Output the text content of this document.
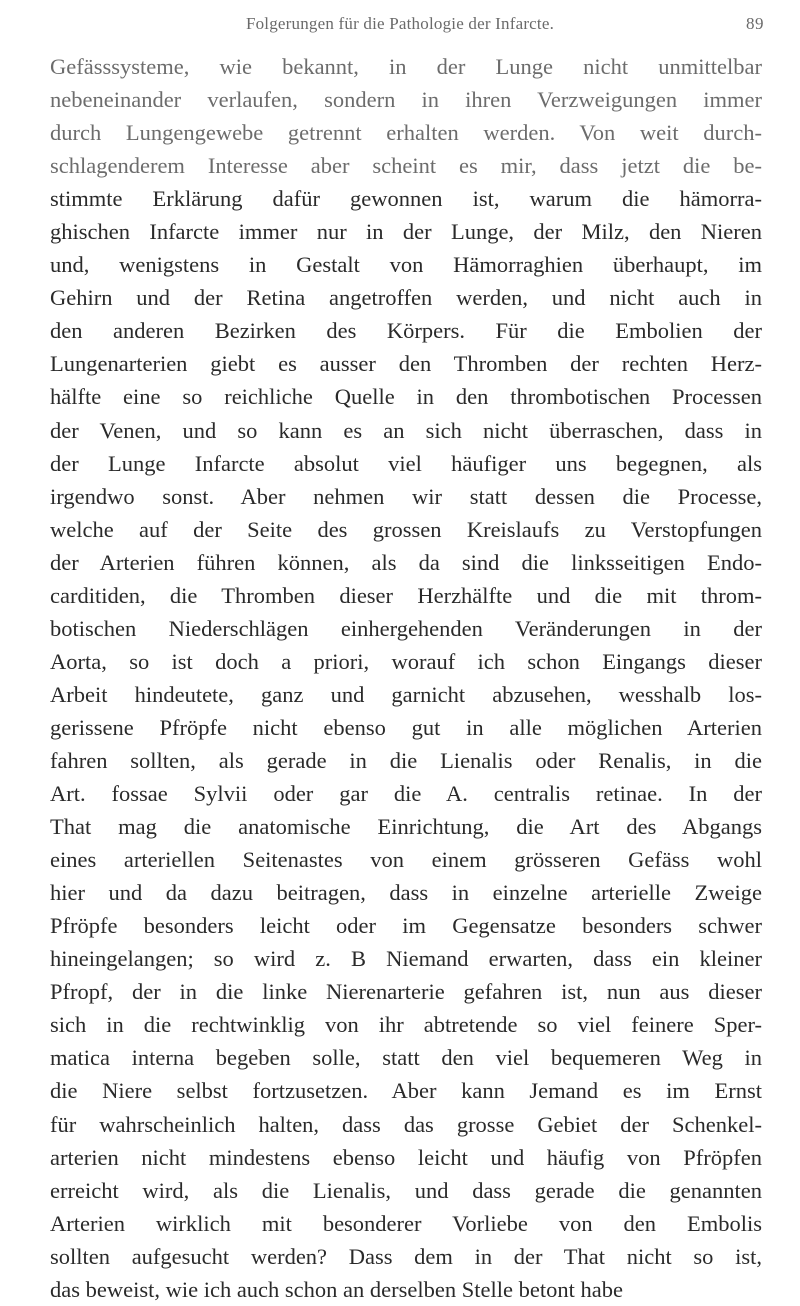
Folgerungen für die Pathologie der Infarcte.	89
Gefässsysteme, wie bekannt, in der Lunge nicht unmittelbar
nebeneinander verlaufen, sondern in ihren Verzweigungen immer
durch Lungengewebe getrennt erhalten werden. Von weit durch-
schlagenderem Interesse aber scheint es mir, dass jetzt die be-
stimmte Erklärung dafür gewonnen ist, warum die hämorra-
ghischen Infarcte immer nur in der Lunge, der Milz, den Nieren
und, wenigstens in Gestalt von Hämorraghien überhaupt, im
Gehirn und der Retina angetroffen werden, und nicht auch in
den anderen Bezirken des Körpers. Für die Embolien der
Lungenarterien giebt es ausser den Thromben der rechten Herz-
hälfte eine so reichliche Quelle in den thrombotischen Processen
der Venen, und so kann es an sich nicht überraschen, dass in
der Lunge Infarcte absolut viel häufiger uns begegnen, als
irgendwo sonst. Aber nehmen wir statt dessen die Processe,
welche auf der Seite des grossen Kreislaufs zu Verstopfungen
der Arterien führen können, als da sind die linksseitigen Endo-
carditiden, die Thromben dieser Herzhälfte und die mit throm-
botischen Niederschlägen einhergehenden Veränderungen in der
Aorta, so ist doch a priori, worauf ich schon Eingangs dieser
Arbeit hindeutete, ganz und garnicht abzusehen, wesshalb los-
gerissene Pfröpfe nicht ebenso gut in alle möglichen Arterien
fahren sollten, als gerade in die Lienalis oder Renalis, in die
Art. fossae Sylvii oder gar die A. centralis retinae. In der
That mag die anatomische Einrichtung, die Art des Abgangs
eines arteriellen Seitenastes von einem grösseren Gefäss wohl
hier und da dazu beitragen, dass in einzelne arterielle Zweige
Pfröpfe besonders leicht oder im Gegensatze besonders schwer
hineingelangen; so wird z. B Niemand erwarten, dass ein kleiner
Pfropf, der in die linke Nierenarterie gefahren ist, nun aus dieser
sich in die rechtwinklig von ihr abtretende so viel feinere Sper-
matica interna begeben solle, statt den viel bequemeren Weg in
die Niere selbst fortzusetzen. Aber kann Jemand es im Ernst
für wahrscheinlich halten, dass das grosse Gebiet der Schenkel-
arterien nicht mindestens ebenso leicht und häufig von Pfröpfen
erreicht wird, als die Lienalis, und dass gerade die genannten
Arterien wirklich mit besonderer Vorliebe von den Embolis
sollten aufgesucht werden? Dass dem in der That nicht so ist,
das beweist, wie ich auch schon an derselben Stelle betont habe
